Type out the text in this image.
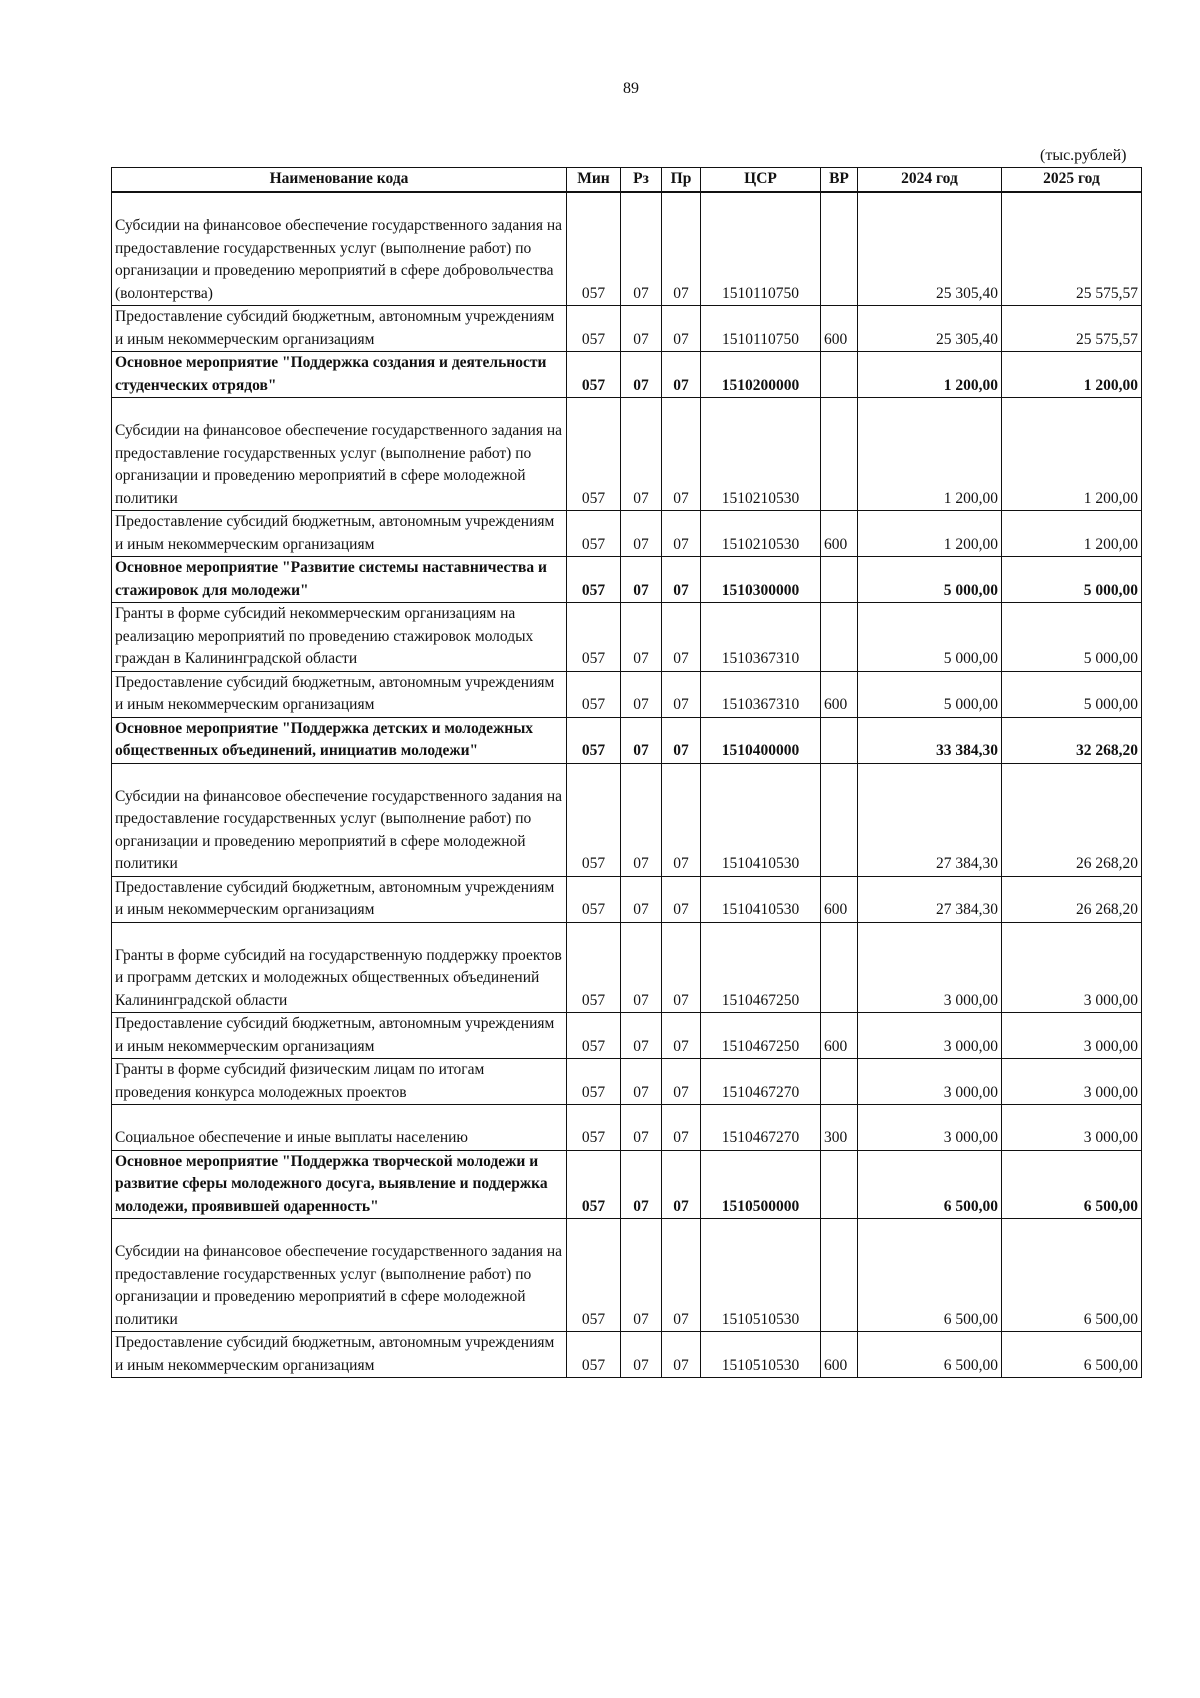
89
(тыс.рублей)
Наименование кода	Мин	Рз	Пр	ЦСР	ВР	2024 год	2025 год
Субсидии на финансовое обеспечение государственного задания на предоставление государственных услуг (выполнение работ) по организации и проведению мероприятий в сфере добровольчества (волонтерства)	057	07	07	1510110750		25 305,40	25 575,57
Предоставление субсидий бюджетным, автономным учреждениям и иным некоммерческим организациям	057	07	07	1510110750	600	25 305,40	25 575,57
Основное мероприятие "Поддержка создания и деятельности студенческих отрядов"	057	07	07	1510200000		1 200,00	1 200,00
Субсидии на финансовое обеспечение государственного задания на предоставление государственных услуг (выполнение работ) по организации и проведению мероприятий в сфере молодежной политики	057	07	07	1510210530		1 200,00	1 200,00
Предоставление субсидий бюджетным, автономным учреждениям и иным некоммерческим организациям	057	07	07	1510210530	600	1 200,00	1 200,00
Основное мероприятие "Развитие системы наставничества и стажировок для молодежи"	057	07	07	1510300000		5 000,00	5 000,00
Гранты в форме субсидий некоммерческим организациям на реализацию мероприятий по проведению стажировок молодых граждан в Калининградской области	057	07	07	1510367310		5 000,00	5 000,00
Предоставление субсидий бюджетным, автономным учреждениям и иным некоммерческим организациям	057	07	07	1510367310	600	5 000,00	5 000,00
Основное мероприятие "Поддержка детских и молодежных общественных объединений, инициатив молодежи"	057	07	07	1510400000		33 384,30	32 268,20
Субсидии на финансовое обеспечение государственного задания на предоставление государственных услуг (выполнение работ) по организации и проведению мероприятий в сфере молодежной политики	057	07	07	1510410530		27 384,30	26 268,20
Предоставление субсидий бюджетным, автономным учреждениям и иным некоммерческим организациям	057	07	07	1510410530	600	27 384,30	26 268,20
Гранты в форме субсидий на государственную поддержку проектов и программ детских и молодежных общественных объединений Калининградской области	057	07	07	1510467250		3 000,00	3 000,00
Предоставление субсидий бюджетным, автономным учреждениям и иным некоммерческим организациям	057	07	07	1510467250	600	3 000,00	3 000,00
Гранты в форме субсидий физическим лицам по итогам проведения конкурса молодежных проектов	057	07	07	1510467270		3 000,00	3 000,00
Социальное обеспечение и иные выплаты населению	057	07	07	1510467270	300	3 000,00	3 000,00
Основное мероприятие "Поддержка творческой молодежи и развитие сферы молодежного досуга, выявление и поддержка молодежи, проявившей одаренность"	057	07	07	1510500000		6 500,00	6 500,00
Субсидии на финансовое обеспечение государственного задания на предоставление государственных услуг (выполнение работ) по организации и проведению мероприятий в сфере молодежной политики	057	07	07	1510510530		6 500,00	6 500,00
Предоставление субсидий бюджетным, автономным учреждениям и иным некоммерческим организациям	057	07	07	1510510530	600	6 500,00	6 500,00
